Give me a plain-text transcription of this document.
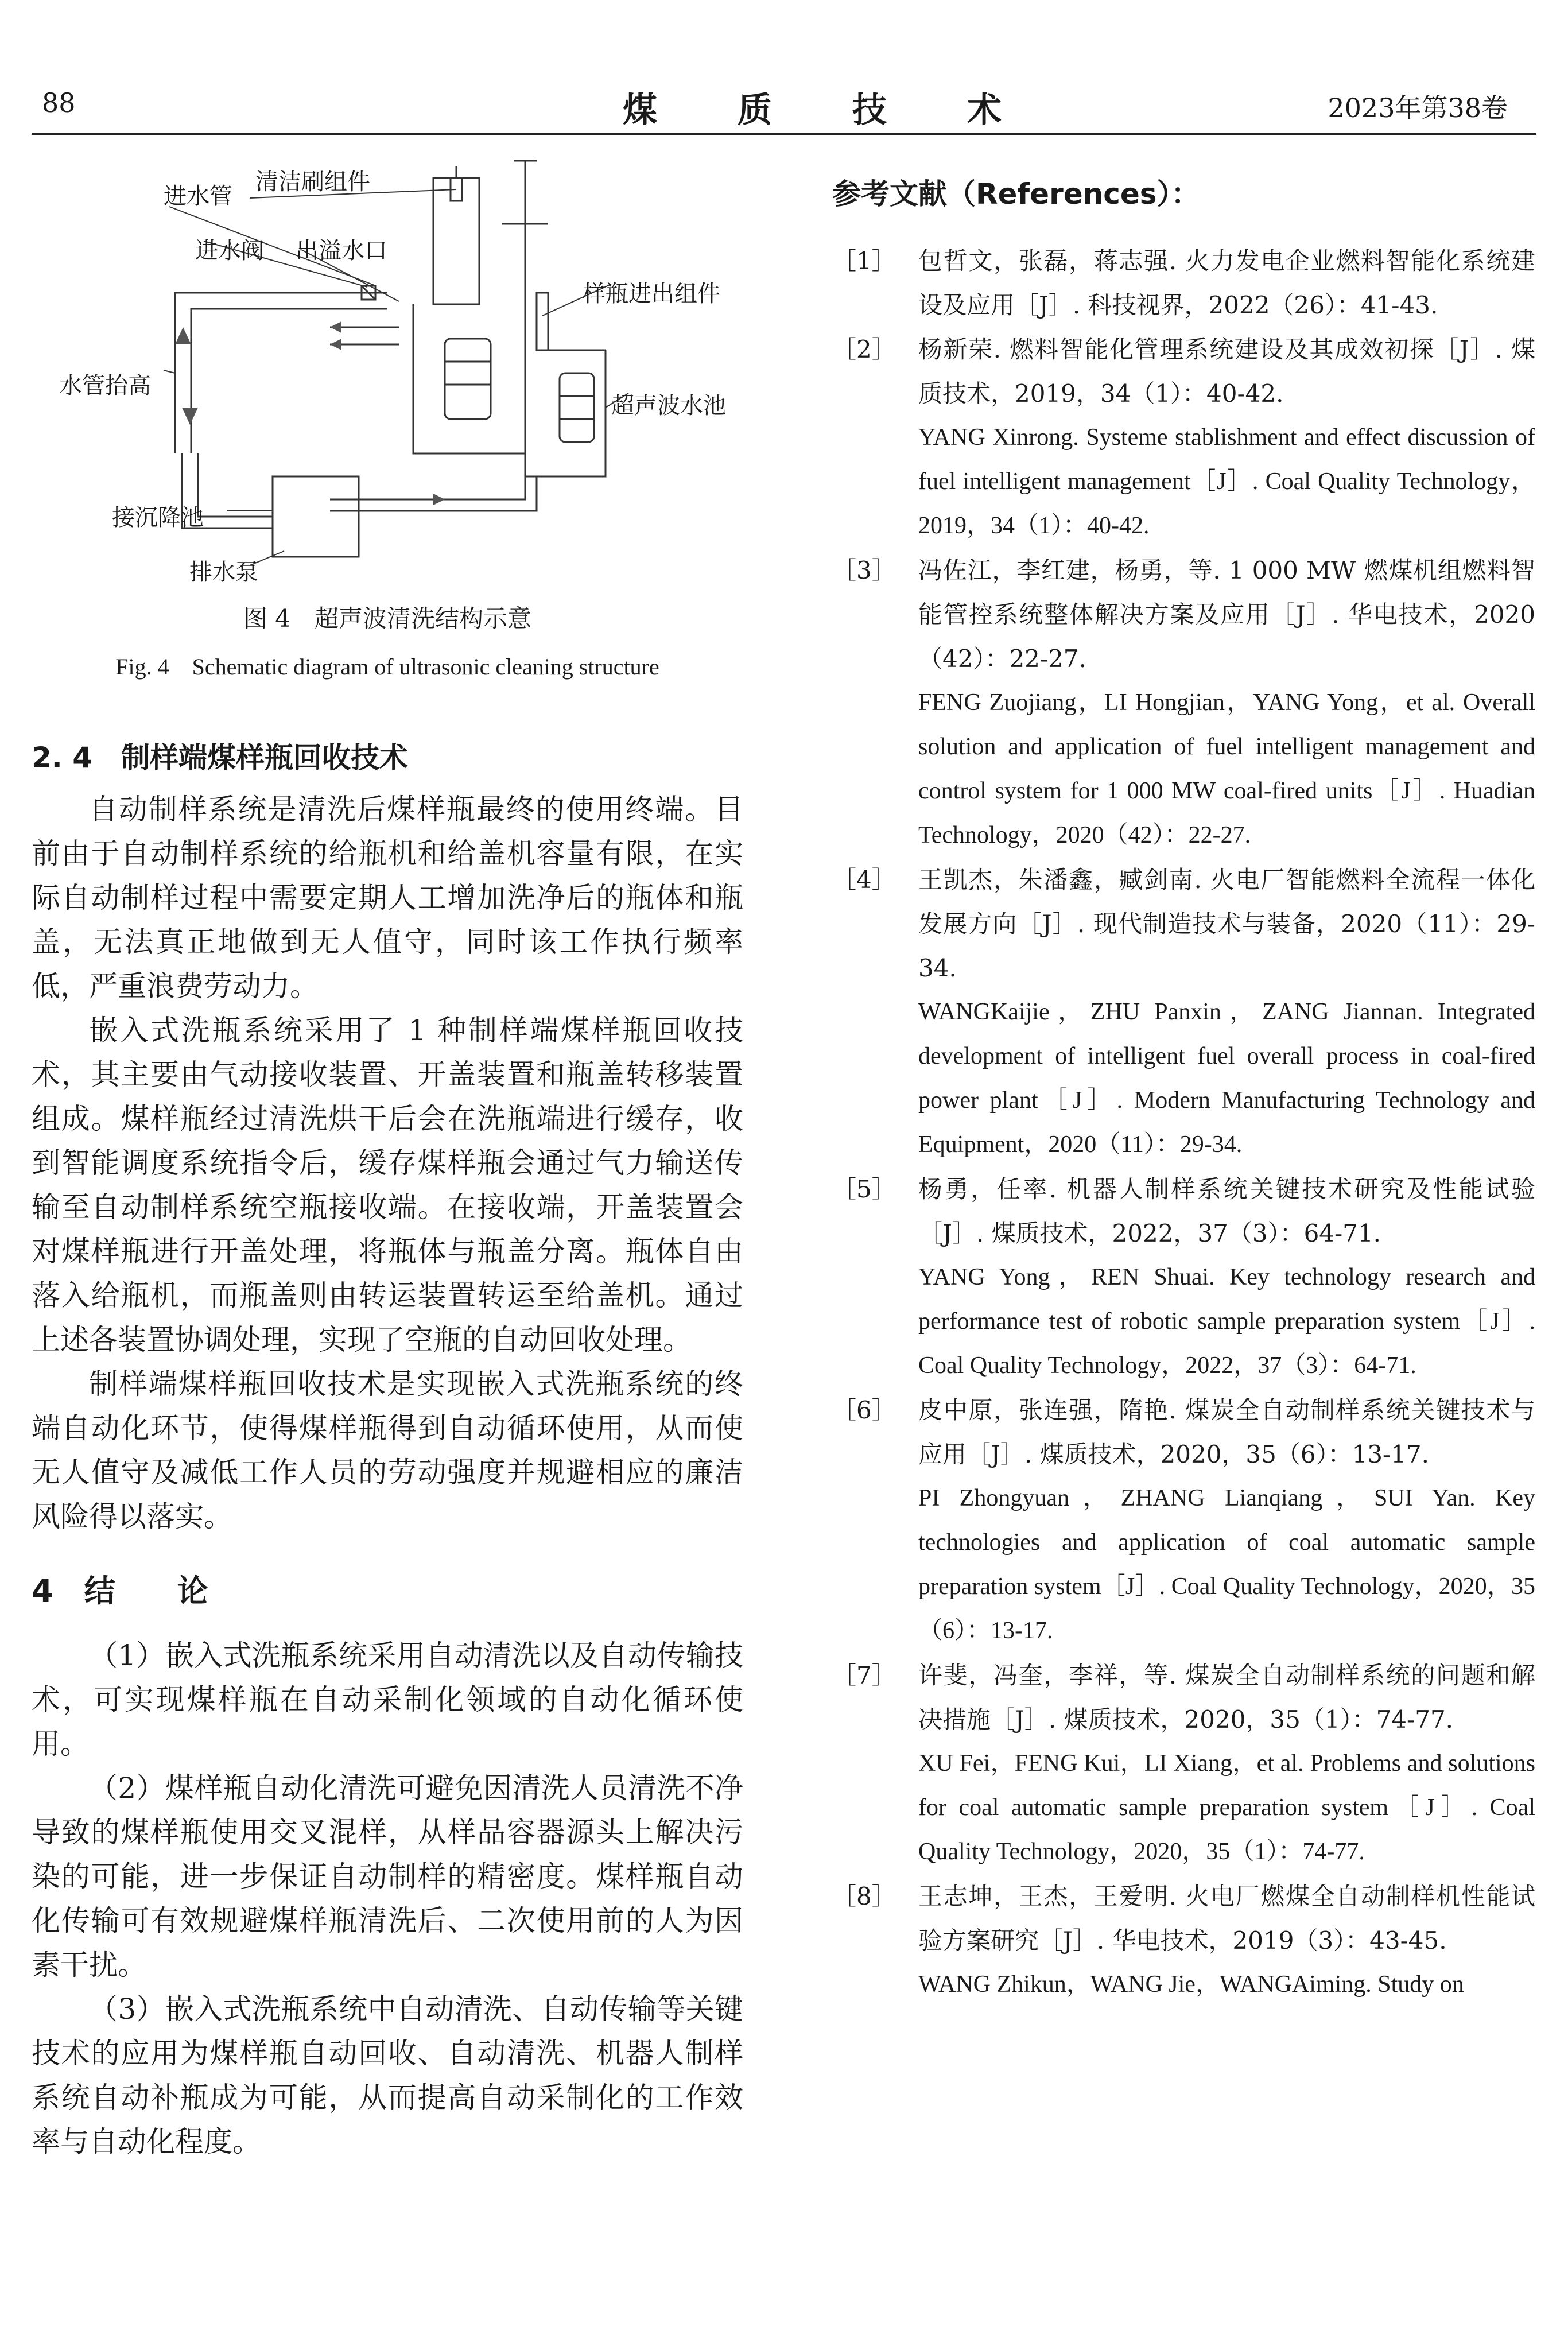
88	煤质技术	2023年第38卷
进水管
清洁刷组件
进水阀 出溢水口
样瓶进出组件
水管抬高
超声波水池
接沉降池
排水泵
图 4　超声波清洗结构示意
Fig. 4　Schematic diagram of ultrasonic cleaning structure
2. 4　制样端煤样瓶回收技术

自动制样系统是清洗后煤样瓶最终的使用终端。目前由于自动制样系统的给瓶机和给盖机容量有限，在实际自动制样过程中需要定期人工增加洗净后的瓶体和瓶盖，无法真正地做到无人值守，同时该工作执行频率低，严重浪费劳动力。

嵌入式洗瓶系统采用了 1 种制样端煤样瓶回收技术，其主要由气动接收装置、开盖装置和瓶盖转移装置组成。煤样瓶经过清洗烘干后会在洗瓶端进行缓存，收到智能调度系统指令后，缓存煤样瓶会通过气力输送传输至自动制样系统空瓶接收端。在接收端，开盖装置会对煤样瓶进行开盖处理，将瓶体与瓶盖分离。瓶体自由落入给瓶机，而瓶盖则由转运装置转运至给盖机。通过上述各装置协调处理，实现了空瓶的自动回收处理。

制样端煤样瓶回收技术是实现嵌入式洗瓶系统的终端自动化环节，使得煤样瓶得到自动循环使用，从而使无人值守及减低工作人员的劳动强度并规避相应的廉洁风险得以落实。

4　结　　论

（1）嵌入式洗瓶系统采用自动清洗以及自动传输技术，可实现煤样瓶在自动采制化领域的自动化循环使用。

（2）煤样瓶自动化清洗可避免因清洗人员清洗不净导致的煤样瓶使用交叉混样，从样品容器源头上解决污染的可能，进一步保证自动制样的精密度。煤样瓶自动化传输可有效规避煤样瓶清洗后、二次使用前的人为因素干扰。

（3）嵌入式洗瓶系统中自动清洗、自动传输等关键技术的应用为煤样瓶自动回收、自动清洗、机器人制样系统自动补瓶成为可能，从而提高自动采制化的工作效率与自动化程度。

参考文献（References）：
［1］ 包哲文，张磊，蒋志强. 火力发电企业燃料智能化系统建设及应用［J］. 科技视界，2022（26）：41-43.

［2］ 杨新荣. 燃料智能化管理系统建设及其成效初探［J］. 煤质技术，2019，34（1）：40-42.

YANG Xinrong. Systeme stablishment and effect discussion of fuel intelligent management［J］. Coal Quality Technology，2019，34（1）：40-42.

［3］ 冯佐江，李红建，杨勇，等. 1 000 MW 燃煤机组燃料智能管控系统整体解决方案及应用［J］. 华电技术，2020（42）：22-27.

FENG Zuojiang，LI Hongjian，YANG Yong，et al. Overall solution and application of fuel intelligent management and control system for 1 000 MW coal-fired units［J］. Huadian Technology，2020（42）：22-27.

［4］ 王凯杰，朱潘鑫，臧剑南. 火电厂智能燃料全流程一体化发展方向［J］. 现代制造技术与装备，2020（11）：29-34.

WANGKaijie，ZHU Panxin，ZANG Jiannan. Integrated development of intelligent fuel overall process in coal-fired power plant［J］. Modern Manufacturing Technology and Equipment，2020（11）：29-34.

［5］ 杨勇，任率. 机器人制样系统关键技术研究及性能试验［J］. 煤质技术，2022，37（3）：64-71.

YANG Yong，REN Shuai. Key technology research and performance test of robotic sample preparation system［J］. Coal Quality Technology，2022，37（3）：64-71.

［6］ 皮中原，张连强，隋艳. 煤炭全自动制样系统关键技术与应用［J］. 煤质技术，2020，35（6）：13-17.

PI Zhongyuan，ZHANG Lianqiang，SUI Yan. Key technologies and application of coal automatic sample preparation system［J］. Coal Quality Technology，2020，35（6）：13-17.

［7］ 许斐，冯奎，李祥，等. 煤炭全自动制样系统的问题和解决措施［J］. 煤质技术，2020，35（1）：74-77.

XU Fei，FENG Kui，LI Xiang，et al. Problems and solutions for coal automatic sample preparation system［J］. Coal Quality Technology，2020，35（1）：74-77.

［8］ 王志坤，王杰，王爱明. 火电厂燃煤全自动制样机性能试验方案研究［J］. 华电技术，2019（3）：43-45.

WANG Zhikun，WANG Jie，WANGAiming. Study on
